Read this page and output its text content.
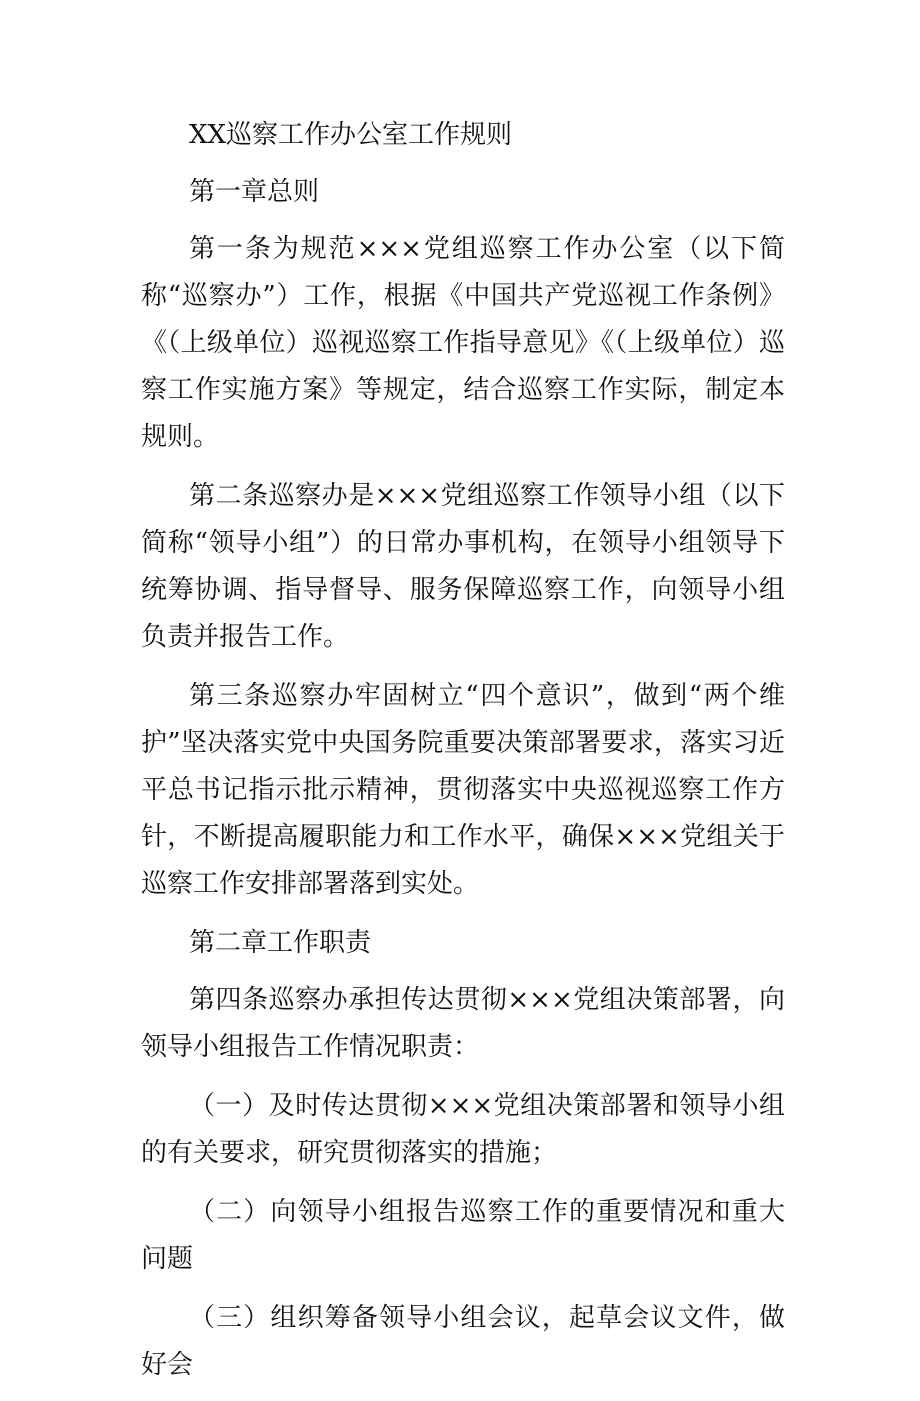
XX巡察工作办公室工作规则

第一章总则

第一条为规范×××党组巡察工作办公室（以下简称“巡察办”）工作，根据《中国共产党巡视工作条例》《（上级单位）巡视巡察工作指导意见》《（上级单位）巡察工作实施方案》等规定，结合巡察工作实际，制定本规则。

第二条巡察办是×××党组巡察工作领导小组（以下简称“领导小组”）的日常办事机构，在领导小组领导下统筹协调、指导督导、服务保障巡察工作，向领导小组负责并报告工作。

第三条巡察办牢固树立“四个意识”，做到“两个维护”坚决落实党中央国务院重要决策部署要求，落实习近平总书记指示批示精神，贯彻落实中央巡视巡察工作方针，不断提高履职能力和工作水平，确保×××党组关于巡察工作安排部署落到实处。

第二章工作职责

第四条巡察办承担传达贯彻×××党组决策部署，向领导小组报告工作情况职责：

（一）及时传达贯彻×××党组决策部署和领导小组的有关要求，研究贯彻落实的措施；

（二）向领导小组报告巡察工作的重要情况和重大问题

（三）组织筹备领导小组会议，起草会议文件，做好会
